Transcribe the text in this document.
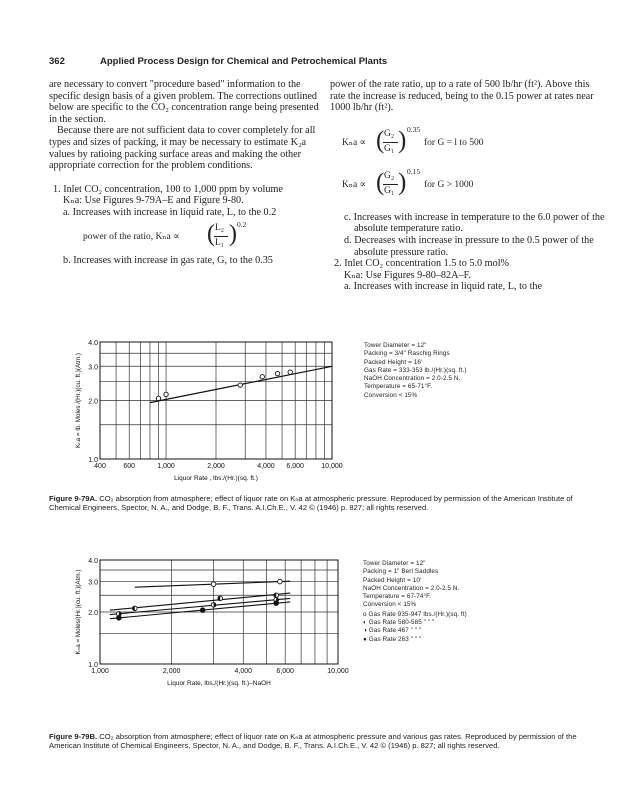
362	Applied Process Design for Chemical and Petrochemical Plants

are necessary to convert "procedure based" information to the specific design basis of a given problem. The corrections outlined below are specific to the CO₂ concentration range being presented in the section.

Because there are not sufficient data to cover completely for all types and sizes of packing, it may be necessary to estimate K₂a values by ratioing packing surface areas and making the other appropriate correction for the problem conditions.

1. Inlet CO₂ concentration, 100 to 1,000 ppm by volume

Kₙa: Use Figures 9-79A–E and Figure 9-80.

a. Increases with increase in liquid rate, L, to the 0.2

power of the ratio, Kₙa ∝ ( L₂
L₁ ) 0.2

b. Increases with increase in gas rate, G, to the 0.35

power of the rate ratio, up to a rate of 500 lb/hr (ft²). Above this rate the increase is reduced, being to the 0.15 power at rates near 1000 lb/hr (ft²).

Kₙa ∝ ( G₂
G₁ ) 0.35
for G = l to 500
Kₙa ∝ ( G₂
G₁ ) 0.15
for G > 1000

c. Increases with increase in temperature to the 6.0 power of the absolute temperature ratio.

d. Decreases with increase in pressure to the 0.5 power of the absolute pressure ratio.

2. Inlet CO₂ concentration 1.5 to 5.0 mol%

Kₙa: Use Figures 9-80–82A–F.

a. Increases with increase in liquid rate, L, to the

400	600	1,000	2,000	4,000 6,000 10,000
1.0
2.0
3.0
4.0
Liquor Rate , lbs./(Hr.)(sq. ft.)
Kₙa = lb. Moles /(Hr.)(cu. ft.)(Atm.)
Tower Diameter = 12"
Packing = 3/4" Raschig Rings
Packed Height = 16'
Gas Rate = 333-353 lb./(Hr.)(sq. ft.)
NaOH Concentration = 2.0-2.5 N.
Temperature = 65-71°F.
Conversion < 15%
Figure 9-79A. CO₂ absorption from atmosphere; effect of liquor rate on Kₙa at atmospheric pressure. Reproduced by permission of the American Institute of Chemical Engineers, Spector, N. A., and Dodge, B. F., Trans. A.I.Ch.E., V. 42 © (1946) p. 827; all rights reserved.
1,000	2,000	4,000	6,000	10,000
1.0
2.0
3.0
4.0
Liquor Rate, lbs./(Hr.)(sq. ft.)–NaOH
Kₙa = Moles/(Hr.)(cu. ft.)(Atm.)
Tower Diameter = 12"
Packing = 1" Berl Saddles
Packed Height = 10'
NaOH Concentration = 2.0-2.5 N.
Temperature = 67-74°F.
Conversion < 15%
o Gas Rate 935-947 lbs./(Hr.)(sq. ft)
◐ Gas Rate 580-585 " " "
◑ Gas Rate 467 " " "
● Gas Rate 263 " " "
Figure 9-79B. CO₂ absorption from atmosphere; effect of liquor rate on Kₙa at atmospheric pressure and various gas rates. Reproduced by permission of the American Institute of Chemical Engineers, Spector, N. A., and Dodge, B. F., Trans. A.I.Ch.E., V. 42 © (1946) p. 827; all rights reserved.
